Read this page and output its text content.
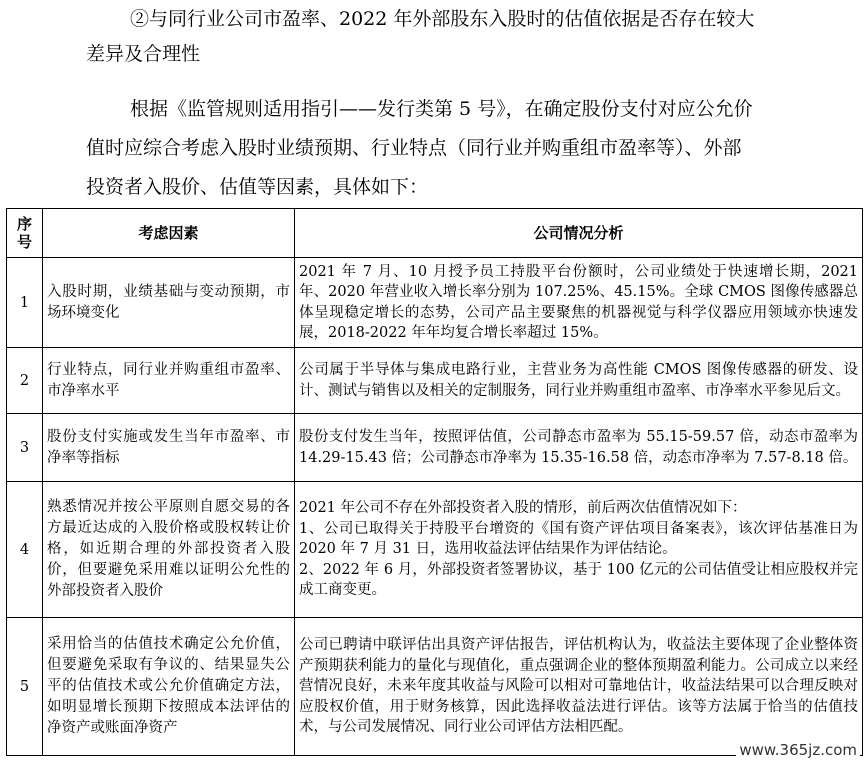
②与同行业公司市盈率、2022 年外部股东入股时的估值依据是否存在较大
差异及合理性
根据《监管规则适用指引——发行类第 5 号》，在确定股份支付对应公允价
值时应综合考虑入股时业绩预期、行业特点（同行业并购重组市盈率等）、外部
投资者入股价、估值等因素，具体如下：
序号	考虑因素	公司情况分析
1	入股时期，业绩基础与变动预期，市场环境变化	2021 年 7 月、10 月授予员工持股平台份额时，公司业绩处于快速增长期，2021 年、2020 年营业收入增长率分别为 107.25%、45.15%。全球 CMOS 图像传感器总体呈现稳定增长的态势，公司产品主要聚焦的机器视觉与科学仪器应用领域亦快速发展，2018-2022 年年均复合增长率超过 15%。

2	行业特点，同行业并购重组市盈率、市净率水平	公司属于半导体与集成电路行业，主营业务为高性能 CMOS 图像传感器的研发、设计、测试与销售以及相关的定制服务，同行业并购重组市盈率、市净率水平参见后文。

3	股份支付实施或发生当年市盈率、市净率等指标	股份支付发生当年，按照评估值，公司静态市盈率为 55.15-59.57 倍，动态市盈率为 14.29-15.43 倍；公司静态市净率为 15.35-16.58 倍，动态市净率为 7.57-8.18 倍。

4	熟悉情况并按公平原则自愿交易的各方最近达成的入股价格或股权转让价格，如近期合理的外部投资者入股价，但要避免采用难以证明公允性的外部投资者入股价	2021 年公司不存在外部投资者入股的情形，前后两次估值情况如下：
1、公司已取得关于持股平台增资的《国有资产评估项目备案表》，该次评估基准日为 2020 年 7 月 31 日，选用收益法评估结果作为评估结论。
2、2022 年 6 月，外部投资者签署协议，基于 100 亿元的公司估值受让相应股权并完成工商变更。

5	采用恰当的估值技术确定公允价值，但要避免采取有争议的、结果显失公平的估值技术或公允价值确定方法，如明显增长预期下按照成本法评估的净资产或账面净资产	公司已聘请中联评估出具资产评估报告，评估机构认为，收益法主要体现了企业整体资产预期获利能力的量化与现值化，重点强调企业的整体预期盈利能力。公司成立以来经营情况良好，未来年度其收益与风险可以相对可靠地估计，收益法结果可以合理反映对应股权价值，用于财务核算，因此选择收益法进行评估。该等方法属于恰当的估值技术，与公司发展情况、同行业公司评估方法相匹配。
www.365jz.com
